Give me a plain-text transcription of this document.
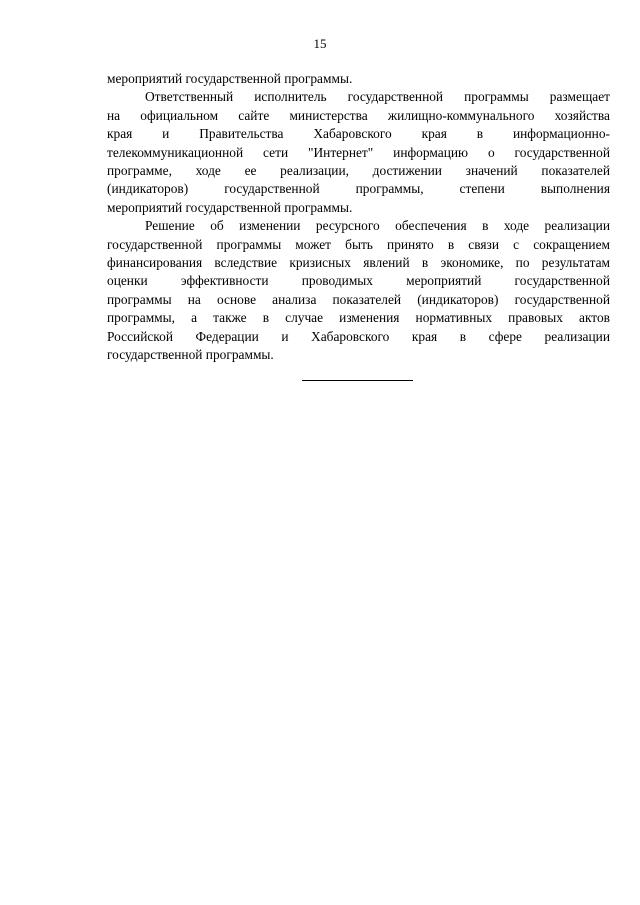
15
мероприятий государственной программы.
Ответственный исполнитель государственной программы размещает
на официальном сайте министерства жилищно-коммунального хозяйства
края и Правительства Хабаровского края в информационно-
телекоммуникационной сети "Интернет" информацию о государственной
программе, ходе ее реализации, достижении значений показателей
(индикаторов) государственной программы, степени выполнения
мероприятий государственной программы.
Решение об изменении ресурсного обеспечения в ходе реализации
государственной программы может быть принято в связи с сокращением
финансирования вследствие кризисных явлений в экономике, по результатам
оценки эффективности проводимых мероприятий государственной
программы на основе анализа показателей (индикаторов) государственной
программы, а также в случае изменения нормативных правовых актов
Российской Федерации и Хабаровского края в сфере реализации
государственной программы.
